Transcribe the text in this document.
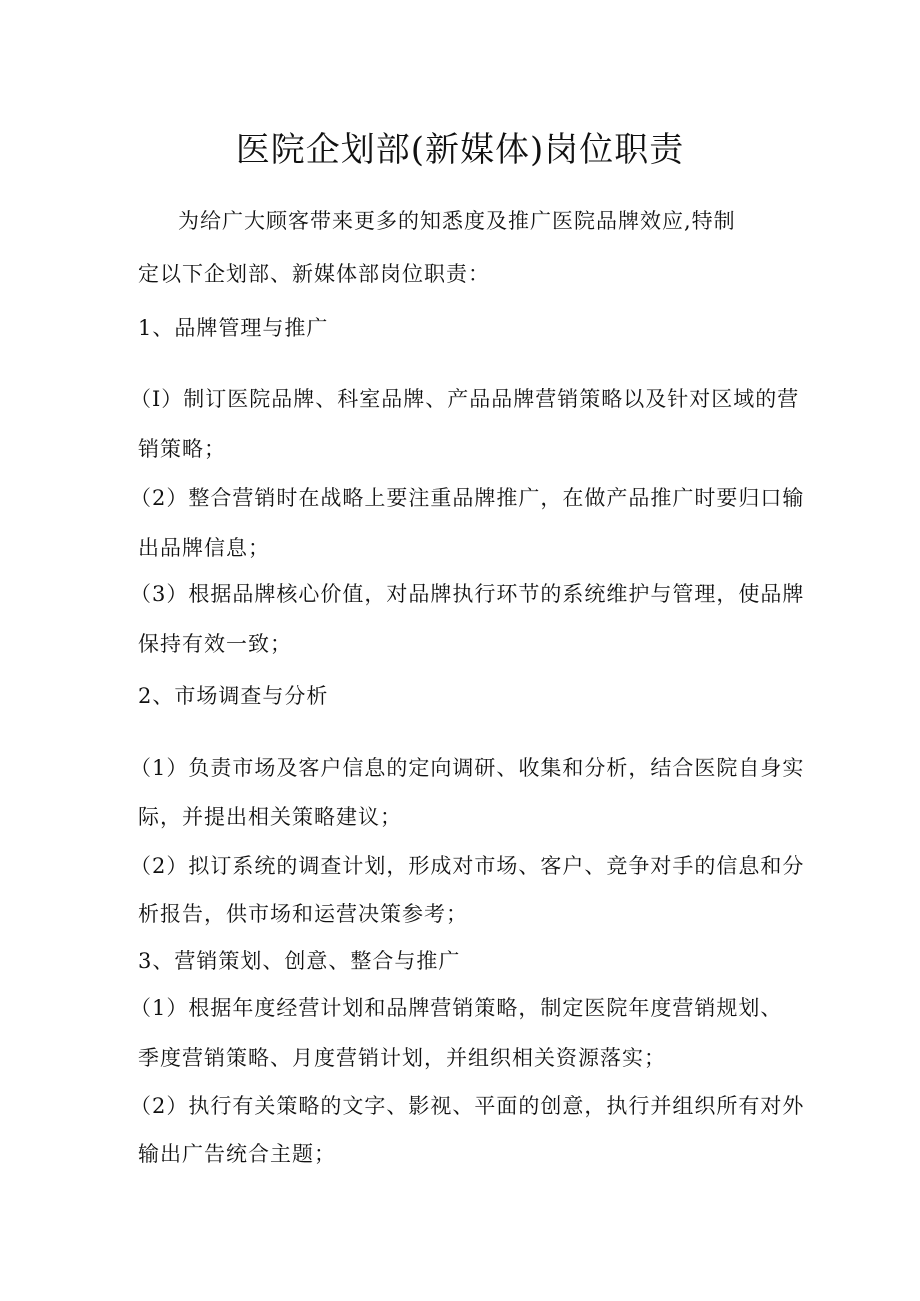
医院企划部(新媒体)岗位职责
为给广大顾客带来更多的知悉度及推广医院品牌效应,特制
定以下企划部、新媒体部岗位职责：
1、品牌管理与推广
（I）制订医院品牌、科室品牌、产品品牌营销策略以及针对区域的营
销策略；
（2）整合营销时在战略上要注重品牌推广，在做产品推广时要归口输
出品牌信息；
（3）根据品牌核心价值，对品牌执行环节的系统维护与管理，使品牌
保持有效一致；
2、市场调查与分析
（1）负责市场及客户信息的定向调研、收集和分析，结合医院自身实
际，并提出相关策略建议；
（2）拟订系统的调查计划，形成对市场、客户、竞争对手的信息和分
析报告，供市场和运营决策参考；
3、营销策划、创意、整合与推广
（1）根据年度经营计划和品牌营销策略，制定医院年度营销规划、
季度营销策略、月度营销计划，并组织相关资源落实；
（2）执行有关策略的文字、影视、平面的创意，执行并组织所有对外
输出广告统合主题；
